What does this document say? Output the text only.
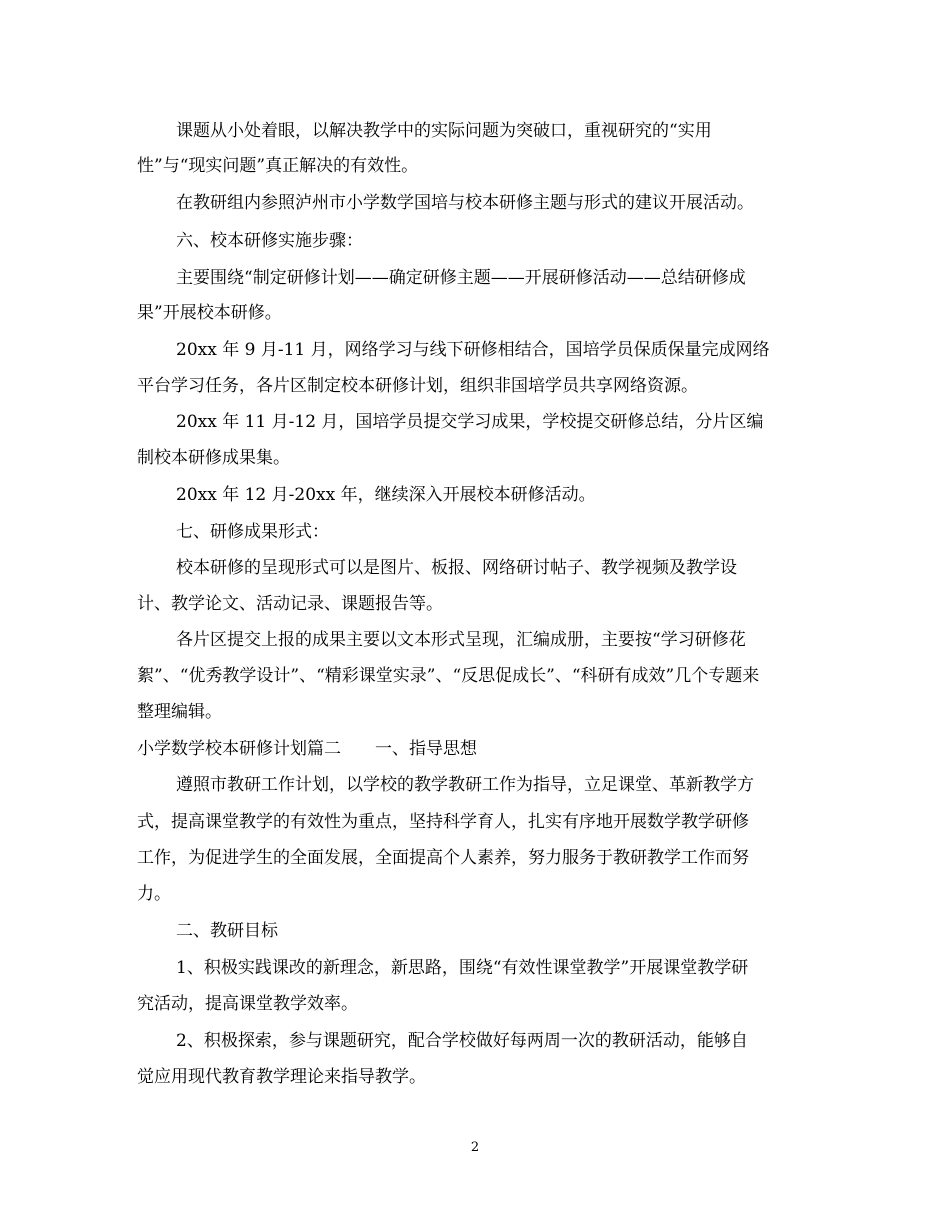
课题从小处着眼，以解决教学中的实际问题为突破口，重视研究的“实用
性”与“现实问题”真正解决的有效性。
在教研组内参照泸州市小学数学国培与校本研修主题与形式的建议开展活动。
六、校本研修实施步骤：
主要围绕“制定研修计划——确定研修主题——开展研修活动——总结研修成
果”开展校本研修。
20xx 年 9 月-11 月，网络学习与线下研修相结合，国培学员保质保量完成网络
平台学习任务，各片区制定校本研修计划，组织非国培学员共享网络资源。
20xx 年 11 月-12 月，国培学员提交学习成果，学校提交研修总结，分片区编
制校本研修成果集。
20xx 年 12 月-20xx 年，继续深入开展校本研修活动。
七、研修成果形式：
校本研修的呈现形式可以是图片、板报、网络研讨帖子、教学视频及教学设
计、教学论文、活动记录、课题报告等。
各片区提交上报的成果主要以文本形式呈现，汇编成册，主要按“学习研修花
絮”、“优秀教学设计”、“精彩课堂实录”、“反思促成长”、“科研有成效”几个专题来
整理编辑。
小学数学校本研修计划篇二　　一、指导思想
遵照市教研工作计划，以学校的教学教研工作为指导，立足课堂、革新教学方
式，提高课堂教学的有效性为重点，坚持科学育人，扎实有序地开展数学教学研修
工作，为促进学生的全面发展，全面提高个人素养，努力服务于教研教学工作而努
力。
二、教研目标
1、积极实践课改的新理念，新思路，围绕“有效性课堂教学”开展课堂教学研
究活动，提高课堂教学效率。
2、积极探索，参与课题研究，配合学校做好每两周一次的教研活动，能够自
觉应用现代教育教学理论来指导教学。
2
